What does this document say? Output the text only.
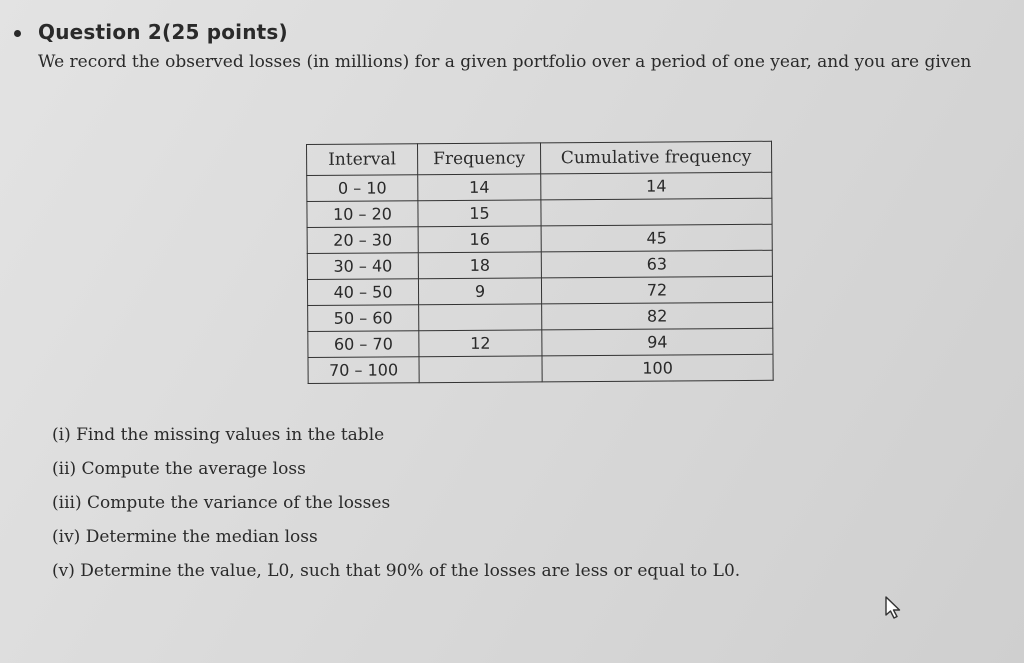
Question 2(25 points)
We record the observed losses (in millions) for a given portfolio over a period of one year, and you are given
Interval	Frequency	Cumulative frequency
0 – 10	14	14
10 – 20	15	
20 – 30	16	45
30 – 40	18	63
40 – 50	9	72
50 – 60		82
60 – 70	12	94
70 – 100		100
(i) Find the missing values in the table
(ii) Compute the average loss
(iii) Compute the variance of the losses
(iv) Determine the median loss
(v) Determine the value, L0, such that 90% of the losses are less or equal to L0.
